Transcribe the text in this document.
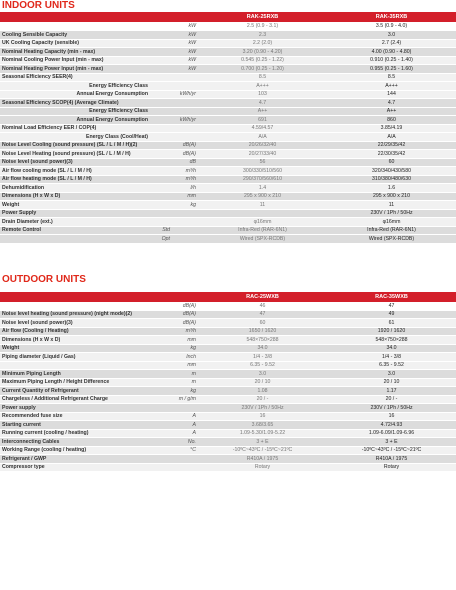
INDOOR UNITS
			RAK-25RXB	RAK-35RXB
		kW	2.5 (0.9 - 3.1)	3.5 (0.9 - 4.0)
Cooling Sensible Capacity		kW	2.3	3.0
UK Cooling Capacity (sensible)		kW	2.2 (2.0)	2.7 (2.4)
Nominal Heating Capacity (min - max)		kW	3.20 (0.90 - 4.20)	4.00 (0.90 - 4.80)
Nominal Cooling Power Input (min - max)		kW	0.545 (0.25 - 1.22)	0.910 (0.25 - 1.40)
Nominal Heating Power Input (min - max)		kW	0.700 (0.25 - 1.20)	0.955 (0.25 - 1.60)
Seasonal Efficiency SEER(4)			8.5	8.5
Energy Efficiency Class			A+++	A+++
Annual Energy Consumption		kWh/yr	103	144
Seasonal Efficiency SCOP(4) (Average Climate)			4.7	4.7
Energy Efficiency Class			A++	A++
Annual Energy Consumption		kWh/yr	691	860
Nominal Load Efficiency EER / COP(4)			4.59/4.57	3.85/4.19
Energy Class (Cool/Heat)			A/A	A/A
Noise Level Cooling (sound pressure) (SL / L / M / H)(2)		dB(A)	20/26/32/40	22/29/35/42
Noise Level Heating (sound pressure) (SL / L / M / H)		dB(A)	20/27/33/40	22/30/35/42
Noise level (sound power)(3)		dB	56	60
Air flow cooling mode (SL / L / M / H)		m³/h	300/330/510/560	320/340/430/580
Air flow heating mode (SL / L / M / H)		m³/h	290/370/560/610	310/380/480/630
Dehumidification		l/h	1.4	1.6
Dimensions (H x W x D)		mm	295 x 900 x 210	295 x 900 x 210
Weight		kg	11	11
Power Supply				230V / 1Ph / 50Hz
Drain Diameter (ext.)			φ16mm	φ16mm
Remote Control	Std		Infra-Red (RAR-6N1)	Infra-Red (RAR-6N1)
	Opt		Wired (SPX-RCDB)	Wired (SPX-RCDB)
OUTDOOR UNITS
			RAC-25WXB	RAC-35WXB
		dB(A)	46	47
Noise level heating (sound pressure) (night mode)(2)		dB(A)	47	49
Noise level (sound power)(3)		dB(A)	60	61
Air flow (Cooling / Heating)		m³/h	1650 / 1620	1920 / 1620
Dimensions (H x W x D)		mm	548×750×288	548×750×288
Weight		kg	34.0	34.0
Piping diameter (Liquid / Gas)		Inch	1/4 - 3/8	1/4 - 3/8
		mm	6.35 - 9.52	6.35 - 9.52
Minimum Piping Length		m	3.0	3.0
Maximum Piping Length / Height Difference		m	20 / 10	20 / 10
Current Quantity of Refrigerant		kg	1.08	1.17
Chargeless / Additional Refrigerant Charge		m / g/m	20 / -	20 / -
Power supply			230V / 1Ph / 50Hz	230V / 1Ph / 50Hz
Recommended fuse size		A	16	16
Starting current		A	3.68/3.65	4.72/4.93
Running current (cooling / heating)		A	1.09-5.30/1.09-5.22	1.09-6.09/1.09-6.96
Interconnecting Cables		No.	3 + E	3 + E
Working Range (cooling / heating)		°C	-10ºC~43ºC / -15ºC~21ºC	-10ºC~43ºC / -15ºC~21ºC
Refrigerant / GWP			R410A / 1975	R410A / 1975
Compressor type			Rotary	Rotary
